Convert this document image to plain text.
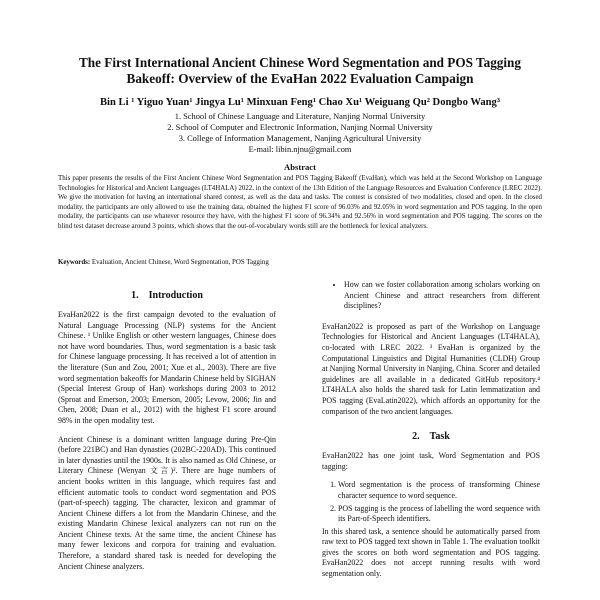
The First International Ancient Chinese Word Segmentation and POS Tagging
Bakeoff: Overview of the EvaHan 2022 Evaluation Campaign
Bin Li ¹ Yiguo Yuan¹ Jingya Lu¹ Minxuan Feng¹ Chao Xu¹ Weiguang Qu² Dongbo Wang³
1. School of Chinese Language and Literature, Nanjing Normal University
2. School of Computer and Electronic Information, Nanjing Normal University
3. College of Information Management, Nanjing Agricultural University
E-mail: libin.njnu@gmail.com
Abstract
This paper presents the results of the First Ancient Chinese Word Segmentation and POS Tagging Bakeoff (EvaHan), which was held at the Second Workshop on Language Technologies for Historical and Ancient Languages (LT4HALA) 2022, in the context of the 13th Edition of the Language Resources and Evaluation Conference (LREC 2022). We give the motivation for having an international shared contest, as well as the data and tasks. The contest is consisted of two modalities, closed and open. In the closed modality, the participants are only allowed to use the training data, obtained the highest F1 score of 96.03% and 92.05% in word segmentation and POS tagging. In the open modality, the participants can use whatever resource they have, with the highest F1 score of 96.34% and 92.56% in word segmentation and POS tagging. The scores on the blind test dataset decrease around 3 points, which shows that the out-of-vocabulary words still are the bottleneck for lexical analyzers.
Keywords: Evaluation, Ancient Chinese, Word Segmentation, POS Tagging
1. Introduction

EvaHan2022 is the first campaign devoted to the evaluation of Natural Language Processing (NLP) systems for the Ancient Chinese. ¹ Unlike English or other western languages, Chinese does not have word boundaries. Thus, word segmentation is a basic task for Chinese language processing. It has received a lot of attention in the literature (Sun and Zou, 2001; Xue et al., 2003). There are five word segmentation bakeoffs for Mandarin Chinese held by SIGHAN (Special Interest Group of Han) workshops during 2003 to 2012 (Sproat and Emerson, 2003; Emerson, 2005; Levow, 2006; Jin and Chen, 2008; Duan et al., 2012) with the highest F1 score around 98% in the open modality test.

Ancient Chinese is a dominant written language during Pre-Qin (before 221BC) and Han dynasties (202BC-220AD). This continued in later dynasties until the 1900s. It is also named as Old Chinese, or Literary Chinese (Wenyan 文言)². There are huge numbers of ancient books written in this language, which requires fast and efficient automatic tools to conduct word segmentation and POS (part-of-speech) tagging. The character, lexicon and grammar of Ancient Chinese differs a lot from the Mandarin Chinese, and the existing Mandarin Chinese lexical analyzers can not run on the Ancient Chinese texts. At the same time, the ancient Chinese has many fewer lexicons and corpora for training and evaluation. Therefore, a standard shared task is needed for developing the Ancient Chinese analyzers.

• How can we foster collaboration among scholars working on Ancient Chinese and attract researchers from different disciplines?

EvaHan2022 is proposed as part of the Workshop on Language Technologies for Historical and Ancient Languages (LT4HALA), co-located with LREC 2022. ³ EvaHan is organized by the Computational Linguistics and Digital Humanities (CLDH) Group at Nanjing Normal University in Nanjing, China. Scorer and detailed guidelines are all available in a dedicated GitHub repository.⁴ LT4HALA also holds the shared task for Latin lemmatization and POS tagging (EvaLatin2022), which affords an opportunity for the comparison of the two ancient languages.

2. Task

EvaHan2022 has one joint task, Word Segmentation and POS tagging:

1. Word segmentation is the process of transforming Chinese character sequence to word sequence.
2. POS tagging is the process of labelling the word sequence with its Part-of-Speech identifiers.

In this shared task, a sentence should be automatically parsed from raw text to POS tagged text shown in Table 1. The evaluation toolkit gives the scores on both word segmentation and POS tagging. EvaHan2022 does not accept running results with word segmentation only.
